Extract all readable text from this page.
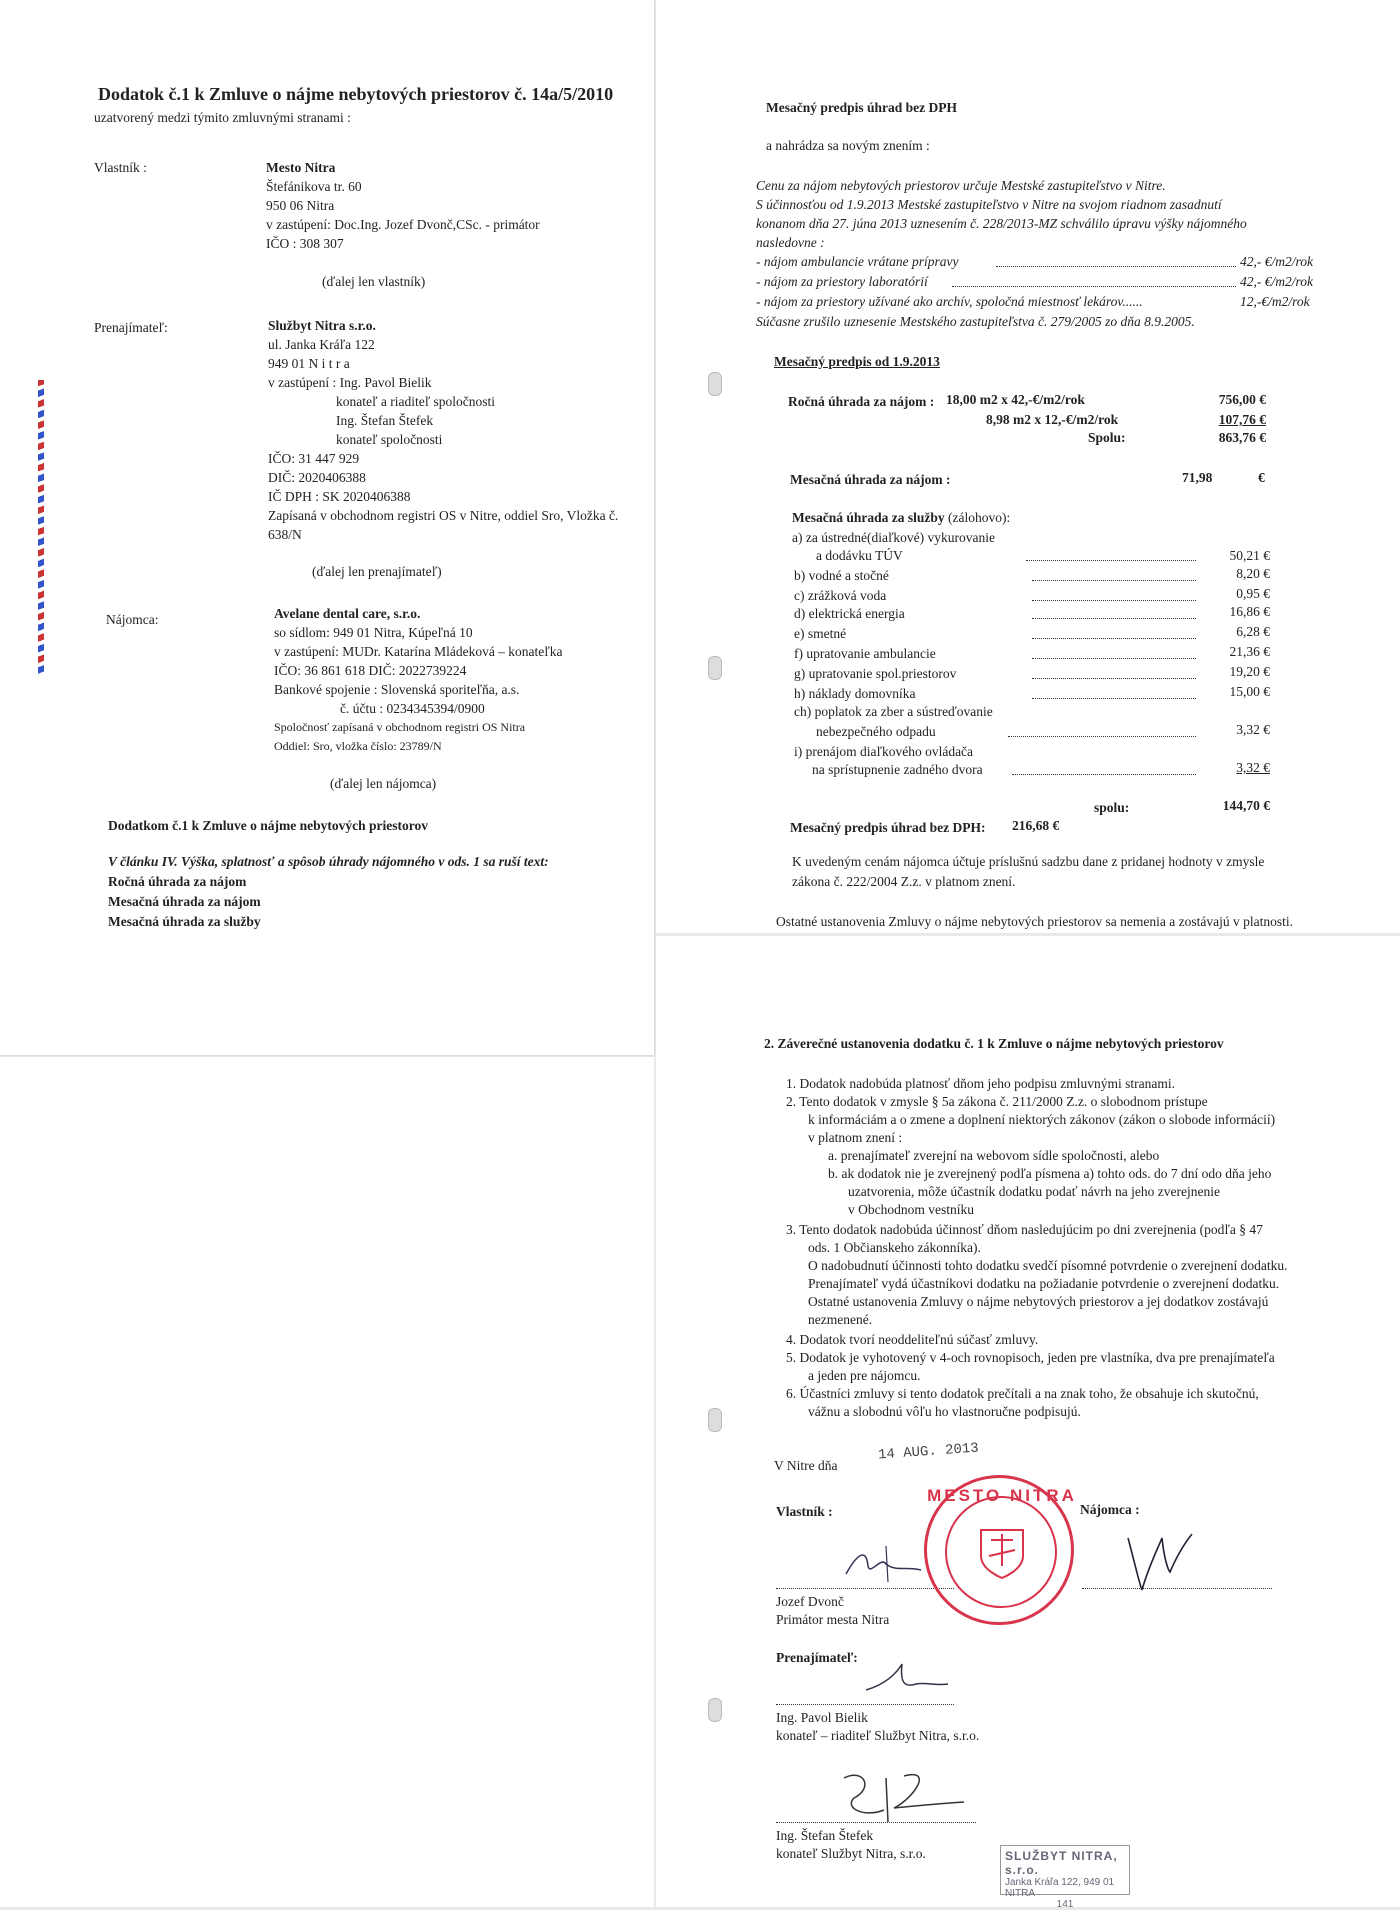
Dodatok č.1 k Zmluve o nájme nebytových priestorov č. 14a/5/2010
uzatvorený medzi týmito zmluvnými stranami :
Vlastník :	Mesto Nitra
Štefánikova tr. 60
950 06 Nitra
v zastúpení: Doc.Ing. Jozef Dvonč,CSc. - primátor
IČO : 308 307
(ďalej len vlastník)
Prenajímateľ:	Službyt Nitra s.r.o.
ul. Janka Kráľa 122
949 01 N i t r a
v zastúpení : Ing. Pavol Bielik
konateľ a riaditeľ spoločnosti
Ing. Štefan Štefek
konateľ spoločnosti
IČO: 31 447 929
DIČ: 2020406388
IČ DPH : SK 2020406388
Zapísaná v obchodnom registri OS v Nitre, oddiel Sro, Vložka č.
638/N
(ďalej len prenajímateľ)
Nájomca:	Avelane dental care, s.r.o.
so sídlom: 949 01 Nitra, Kúpeľná 10
v zastúpení: MUDr. Katarína Mládeková – konateľka
IČO: 36 861 618 DIČ: 2022739224
Bankové spojenie : Slovenská sporiteľňa, a.s.
č. účtu : 0234345394/0900
Spoločnosť zapísaná v obchodnom registri OS Nitra
Oddiel: Sro, vložka číslo: 23789/N
(ďalej len nájomca)
Dodatkom č.1 k Zmluve o nájme nebytových priestorov
V článku IV. Výška, splatnosť a spôsob úhrady nájomného v ods. 1 sa ruší text:
Ročná úhrada za nájom
Mesačná úhrada za nájom
Mesačná úhrada za služby
Mesačný predpis úhrad bez DPH
a nahrádza sa novým znením :
Cenu za nájom nebytových priestorov určuje Mestské zastupiteľstvo v Nitre.
S účinnosťou od 1.9.2013 Mestské zastupiteľstvo v Nitre na svojom riadnom zasadnutí
konanom dňa 27. júna 2013 uznesením č. 228/2013-MZ schválilo úpravu výšky nájomného
nasledovne :
- nájom ambulancie vrátane prípravy	42,- €/m2/rok
- nájom za priestory laboratórií	42,- €/m2/rok
- nájom za priestory užívané ako archív, spoločná miestnosť lekárov......	12,-€/m2/rok
Súčasne zrušilo uznesenie Mestského zastupiteľstva č. 279/2005 zo dňa 8.9.2005.
Mesačný predpis od 1.9.2013
Ročná úhrada za nájom : 18,00 m2 x 42,-€/m2/rok	756,00 €
8,98 m2 x 12,-€/m2/rok	107,76 €
Spolu:	863,76 €
Mesačná úhrada za nájom :	71,98	€
Mesačná úhrada za služby (zálohovo):
a) za ústredné(diaľkové) vykurovanie
a dodávku TÚV	50,21 €
b) vodné a stočné	8,20 €
c) zrážková voda	0,95 €
d) elektrická energia	16,86 €
e) smetné	6,28 €
f) upratovanie ambulancie	21,36 €
g) upratovanie spol.priestorov	19,20 €
h) náklady domovníka	15,00 €
ch) poplatok za zber a sústreďovanie
nebezpečného odpadu	3,32 €
i) prenájom diaľkového ovládača
na sprístupnenie zadného dvora	3,32 €
spolu:	144,70 €
Mesačný predpis úhrad bez DPH: 216,68 €
K uvedeným cenám nájomca účtuje príslušnú sadzbu dane z pridanej hodnoty v zmysle
zákona č. 222/2004 Z.z. v platnom znení.
Ostatné ustanovenia Zmluvy o nájme nebytových priestorov sa nemenia a zostávajú v platnosti.
2. Záverečné ustanovenia dodatku č. 1 k Zmluve o nájme nebytových priestorov
1. Dodatok nadobúda platnosť dňom jeho podpisu zmluvnými stranami.
2. Tento dodatok v zmysle § 5a zákona č. 211/2000 Z.z. o slobodnom prístupe
k informáciám a o zmene a doplnení niektorých zákonov (zákon o slobode informácií)
v platnom znení :
a. prenajímateľ zverejní na webovom sídle spoločnosti, alebo
b. ak dodatok nie je zverejnený podľa písmena a) tohto ods. do 7 dní odo dňa jeho
uzatvorenia, môže účastník dodatku podať návrh na jeho zverejnenie
v Obchodnom vestníku
3. Tento dodatok nadobúda účinnosť dňom nasledujúcim po dni zverejnenia (podľa § 47
ods. 1 Občianskeho zákonníka).
O nadobudnutí účinnosti tohto dodatku svedčí písomné potvrdenie o zverejnení dodatku.
Prenajímateľ vydá účastníkovi dodatku na požiadanie potvrdenie o zverejnení dodatku.
Ostatné ustanovenia Zmluvy o nájme nebytových priestorov a jej dodatkov zostávajú
nezmenené.
4. Dodatok tvorí neoddeliteľnú súčasť zmluvy.
5. Dodatok je vyhotovený v 4-och rovnopisoch, jeden pre vlastníka, dva pre prenajímateľa
a jeden pre nájomcu.
6. Účastníci zmluvy si tento dodatok prečítali a na znak toho, že obsahuje ich skutočnú,
vážnu a slobodnú vôľu ho vlastnoručne podpisujú.
V Nitre dňa
14 AUG. 2013
Vlastník :	Nájomca :
Jozef Dvonč
Primátor mesta Nitra
Prenajímateľ:
Ing. Pavol Bielik
konateľ – riaditeľ Službyt Nitra, s.r.o.
Ing. Štefan Štefek
konateľ Službyt Nitra, s.r.o.
MESTO NITRA
SLUŽBYT NITRA, s.r.o.
Janka Kráľa 122, 949 01 NITRA
141
